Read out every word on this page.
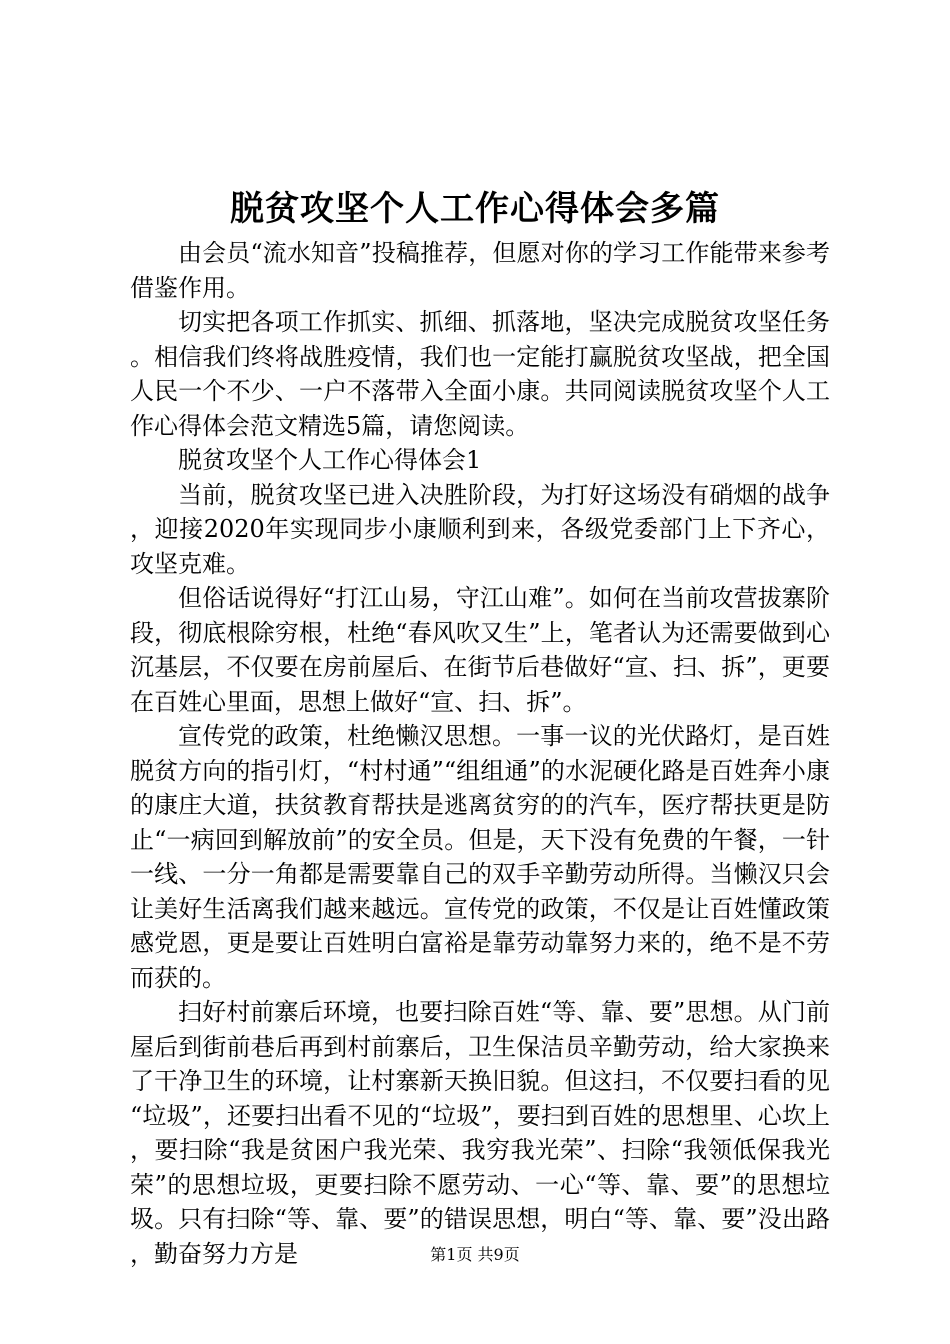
脱贫攻坚个人工作心得体会多篇

由会员“流水知音”投稿推荐，但愿对你的学习工作能带来参考借鉴作用。

切实把各项工作抓实、抓细、抓落地，坚决完成脱贫攻坚任务。相信我们终将战胜疫情，我们也一定能打赢脱贫攻坚战，把全国人民一个不少、一户不落带入全面小康。共同阅读脱贫攻坚个人工作心得体会范文精选5篇，请您阅读。

脱贫攻坚个人工作心得体会1

当前，脱贫攻坚已进入决胜阶段，为打好这场没有硝烟的战争，迎接2020年实现同步小康顺利到来，各级党委部门上下齐心，攻坚克难。

但俗话说得好“打江山易，守江山难”。如何在当前攻营拔寨阶段，彻底根除穷根，杜绝“春风吹又生”上，笔者认为还需要做到心沉基层，不仅要在房前屋后、在街节后巷做好“宣、扫、拆”，更要在百姓心里面，思想上做好“宣、扫、拆”。

宣传党的政策，杜绝懒汉思想。一事一议的光伏路灯，是百姓脱贫方向的指引灯，“村村通”“组组通”的水泥硬化路是百姓奔小康的康庄大道，扶贫教育帮扶是逃离贫穷的的汽车，医疗帮扶更是防止“一病回到解放前”的安全员。但是，天下没有免费的午餐，一针一线、一分一角都是需要靠自己的双手辛勤劳动所得。当懒汉只会让美好生活离我们越来越远。宣传党的政策，不仅是让百姓懂政策感党恩，更是要让百姓明白富裕是靠劳动靠努力来的，绝不是不劳而获的。

扫好村前寨后环境，也要扫除百姓“等、靠、要”思想。从门前屋后到街前巷后再到村前寨后，卫生保洁员辛勤劳动，给大家换来了干净卫生的环境，让村寨新天换旧貌。但这扫，不仅要扫看的见“垃圾”，还要扫出看不见的“垃圾”，要扫到百姓的思想里、心坎上，要扫除“我是贫困户我光荣、我穷我光荣”、扫除“我领低保我光荣”的思想垃圾，更要扫除不愿劳动、一心“等、靠、要”的思想垃圾。只有扫除“等、靠、要”的错误思想，明白“等、靠、要”没出路，勤奋努力方是	第1页 共9页
